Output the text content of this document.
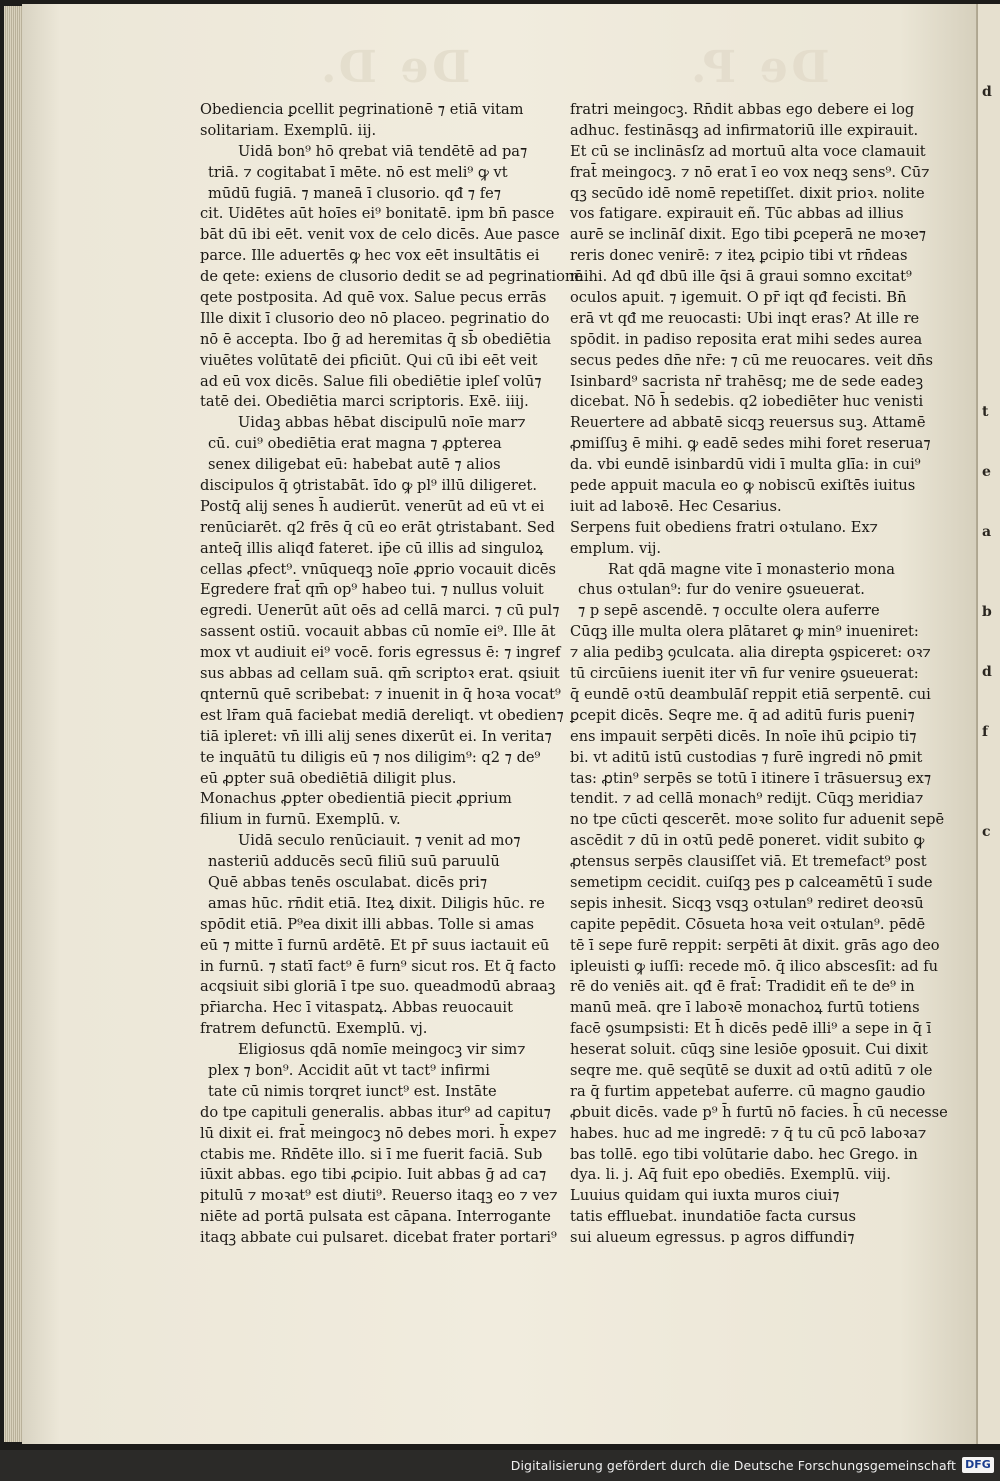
De D.	De P.	d
t
e
a
b
d
f
c
Obediencia ꝑcellit pegrinationē ⁊ etiā vitam
solitariam. Exemplū. iij.
Uidā bon⁹ hō qrebat viā tendētē ad pa⁊
triā. ⁊ cogitabat ī mēte. nō est meli⁹ ꝙ vt
mūdū fugiā. ⁊ maneā ī clusorio. qđ ⁊ fe⁊
cit. Uidētes aūt hoīes ei⁹ bonitatē. ipm bn̄ pasce
bāt dū ibi eēt. venit vox de celo dicēs. Aue pasce
parce. Ille aduertēs ꝙ hec vox eēt insultātis ei
de qete: exiens de clusorio dedit se ad pegrinationē
qete postposita. Ad quē vox. Salue pecus errās
Ille dixit ī clusorio deo nō placeo. pegrinatio do
nō ē accepta. Ibo ḡ ad heremitas q̄ sb̄ obediētia
viuētes volūtatē dei pficiūt. Qui cū ibi eēt veit
ad eū vox dicēs. Salue fili obediētie ipleſ volū⁊
tatē dei. Obediētia marci scriptoris. Exē. iiij.
Uidaꝫ abbas hēbat discipulū noīe mar⁊
cū. cui⁹ obediētia erat magna ⁊ ꝓpterea
senex diligebat eū: habebat autē ⁊ alios
discipulos q̄ ꝯtristabāt. īdo ꝙ pl⁹ illū diligeret.
Postq̄ alij senes h̄ audierūt. venerūt ad eū vt ei
renūciarēt. q2 frēs q̄ cū eo erāt ꝯtristabant. Sed
anteq̄ illis aliqđ fateret. ip̄e cū illis ad singuloꝝ
cellas ꝓfect⁹. vnūqueqꝫ noīe ꝓprio vocauit dicēs
Egredere frat̄ qm̄ op⁹ habeo tui. ⁊ nullus voluit
egredi. Uenerūt aūt oēs ad cellā marci. ⁊ cū pul⁊
sassent ostiū. vocauit abbas cū nomīe ei⁹. Ille āt
mox vt audiuit ei⁹ vocē. foris egressus ē: ⁊ ingref
sus abbas ad cellam suā. qm̄ scriptoꝛ erat. qsiuit
qnternū quē scribebat: ⁊ inuenit in q̄ hoꝛa vocat⁹
est lr̄am quā faciebat mediā dereliqt. vt obedien⁊
tiā ipleret: vn̄ illi alij senes dixerūt ei. In verita⁊
te inquātū tu diligis eū ⁊ nos diligim⁹: q2 ⁊ de⁹
eū ꝓpter suā obediētiā diligit plus.
Monachus ꝓpter obedientiā piecit ꝓprium
filium in furnū. Exemplū. v.
Uidā seculo renūciauit. ⁊ venit ad mo⁊
nasteriū adducēs secū filiū suū paruulū
Quē abbas tenēs osculabat. dicēs pri⁊
amas hūc. rn̄dit etiā. Iteꝝ dixit. Diligis hūc. re
spōdit etiā. P⁹ea dixit illi abbas. Tolle si amas
eū ⁊ mitte ī furnū ardētē. Et pr̄ suus iactauit eū
in furnū. ⁊ statī fact⁹ ē furn⁹ sicut ros. Et q̄ facto
acqsiuit sibi gloriā ī tpe suo. queadmodū abraaꝫ
pr̄iarcha. Hec ī vitaspatꝝ. Abbas reuocauit
fratrem defunctū. Exemplū. vj.
Eligiosus qdā nomīe meingocꝫ vir sim⁊
plex ⁊ bon⁹. Accidit aūt vt tact⁹ infirmi
tate cū nimis torqret iunct⁹ est. Instāte
do tpe capituli generalis. abbas itur⁹ ad capitu⁊
lū dixit ei. frat̄ meingocꝫ nō debes mori. h̄ expe⁊
ctabis me. Rn̄dēte illo. si ī me fuerit faciā. Sub
iūxit abbas. ego tibi ꝓcipio. Iuit abbas ḡ ad ca⁊
pitulū ⁊ moꝛat⁹ est diuti⁹. Reuerso itaqꝫ eo ⁊ ve⁊
niēte ad portā pulsata est cāpana. Interrogante
itaqꝫ abbate cui pulsaret. dicebat frater portari⁹
fratri meingocꝫ. Rn̄dit abbas ego debere ei log
adhuc. festināsqꝫ ad infirmatoriū ille expirauit.
Et cū se inclināsſz ad mortuū alta voce clamauit
frat̄ meingocꝫ. ⁊ nō erat ī eo vox neqꝫ sens⁹. Cū⁊
qꝫ secūdo idē nomē repetiſſet. dixit prioꝛ. nolite
vos fatigare. expirauit eñ. Tūc abbas ad illius
aurē se inclināſ dixit. Ego tibi ꝑceperā ne moꝛe⁊
reris donec venirē: ⁊ iteꝝ ꝑcipio tibi vt rn̄deas
mihi. Ad qđ dbū ille q̄si ā graui somno excitat⁹
oculos apuit. ⁊ igemuit. O pr̄ iqt qđ fecisti. Bn̄
erā vt qđ me reuocasti: Ubi inqt eras? At ille re
spōdit. in padiso reposita erat mihi sedes aurea
secus pedes dn̄e nr̄e: ⁊ cū me reuocares. veit dn̄s
Isinbard⁹ sacrista nr̄ trahēsq; me de sede eadeꝫ
dicebat. Nō h̄ sedebis. q2 iobediēter huc venisti
Reuertere ad abbatē sicqꝫ reuersus suꝫ. Attamē
ꝓmiſſuꝫ ē mihi. ꝙ eadē sedes mihi foret reserua⁊
da. vbi eundē isinbardū vidi ī multa glīa: in cui⁹
pede appuit macula eo ꝙ nobiscū exiſtēs iuitus
iuit ad laboꝛē. Hec Cesarius.
Serpens fuit obediens fratri oꝛtulano. Ex⁊
emplum. vij.
Rat qdā magne vite ī monasterio mona
chus oꝛtulan⁹: fur do venire ꝯsueuerat.
⁊ p sepē ascendē. ⁊ occulte olera auferre
Cūqꝫ ille multa olera plātaret ꝙ min⁹ inueniret:
⁊ alia pedibꝫ ꝯculcata. alia direpta ꝯspiceret: oꝛ⁊
tū circūiens iuenit iter vn̄ fur venire ꝯsueuerat:
q̄ eundē oꝛtū deambulāſ reppit etiā serpentē. cui
ꝑcepit dicēs. Seqre me. q̄ ad aditū furis pueni⁊
ens impauit serpēti dicēs. In noīe ihū ꝑcipio ti⁊
bi. vt aditū istū custodias ⁊ furē ingredi nō ꝑmit
tas: ꝓtin⁹ serpēs se totū ī itinere ī trāsuersuꝫ ex⁊
tendit. ⁊ ad cellā monach⁹ redijt. Cūqꝫ meridia⁊
no tpe cūcti qescerēt. moꝛe solito fur aduenit sepē
ascēdit ⁊ dū in oꝛtū pedē poneret. vidit subito ꝙ
ꝓtensus serpēs clausiſſet viā. Et tremefact⁹ post
semetipm cecidit. cuiſqꝫ pes p calceamētū ī sude
sepis inhesit. Sicqꝫ vsqꝫ oꝛtulan⁹ rediret deoꝛsū
capite pepēdit. Cōsueta hoꝛa veit oꝛtulan⁹. pēdē
tē ī sepe furē reppit: serpēti āt dixit. grās ago deo
ipleuisti ꝙ iuſſi: recede mō. q̄ ilico abscesſit: ad fu
rē do veniēs ait. qđ ē frat̄: Tradidit eñ te de⁹ in
manū meā. qre ī laboꝛē monachoꝝ furtū totiens
facē ꝯsumpsisti: Et h̄ dicēs pedē illi⁹ a sepe in q̄ ī
heserat soluit. cūqꝫ sine lesiōe ꝯposuit. Cui dixit
seqre me. quē seqūtē se duxit ad oꝛtū aditū ⁊ ole
ra q̄ furtim appetebat auferre. cū magno gaudio
ꝓbuit dicēs. vade p⁹ h̄ furtū nō facies. h̄ cū necesse
habes. huc ad me ingredē: ⁊ q̄ tu cū pcō laboꝛa⁊
bas tollē. ego tibi volūtarie dabo. hec Grego. in
dya. li. j. Aq̄ fuit epo obediēs. Exemplū. viij.
Luuius quidam qui iuxta muros ciui⁊
tatis effluebat. inundatiōe facta cursus
sui alueum egressus. p agros diffundi⁊
Digitalisierung gefördert durch die Deutsche Forschungsgemeinschaft DFG
